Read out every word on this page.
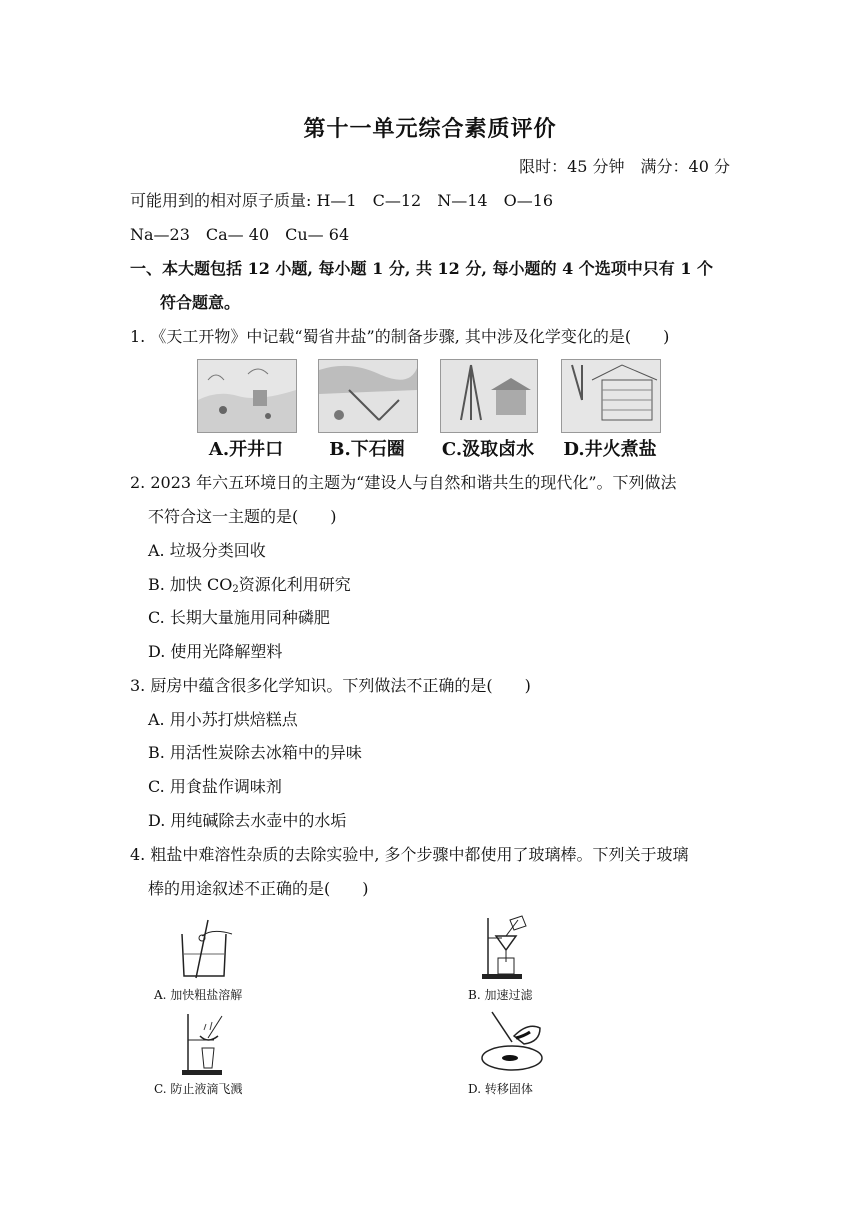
第十一单元综合素质评价
限时：45 分钟　满分：40 分
可能用到的相对原子质量: H—1　C—12　N—14　O—16
Na—23　Ca— 40　Cu— 64
一、本大题包括 12 小题, 每小题 1 分, 共 12 分, 每小题的 4 个选项中只有 1 个
符合题意。
1. 《天工开物》中记载“蜀省井盐”的制备步骤, 其中涉及化学变化的是(　　)
A.开井口	B.下石圈	C.汲取卤水	D.井火煮盐
2. 2023 年六五环境日的主题为“建设人与自然和谐共生的现代化”。下列做法
不符合这一主题的是(　　)
A. 垃圾分类回收
B. 加快 $CO_2$资源化利用研究
C. 长期大量施用同种磷肥
D. 使用光降解塑料
3. 厨房中蕴含很多化学知识。下列做法不正确的是(　　)
A. 用小苏打烘焙糕点
B. 用活性炭除去冰箱中的异味
C. 用食盐作调味剂
D. 用纯碱除去水壶中的水垢
4. 粗盐中难溶性杂质的去除实验中, 多个步骤中都使用了玻璃棒。下列关于玻璃
棒的用途叙述不正确的是(　　)
A. 加快粗盐溶解	B. 加速过滤
C. 防止液滴飞溅	D. 转移固体
